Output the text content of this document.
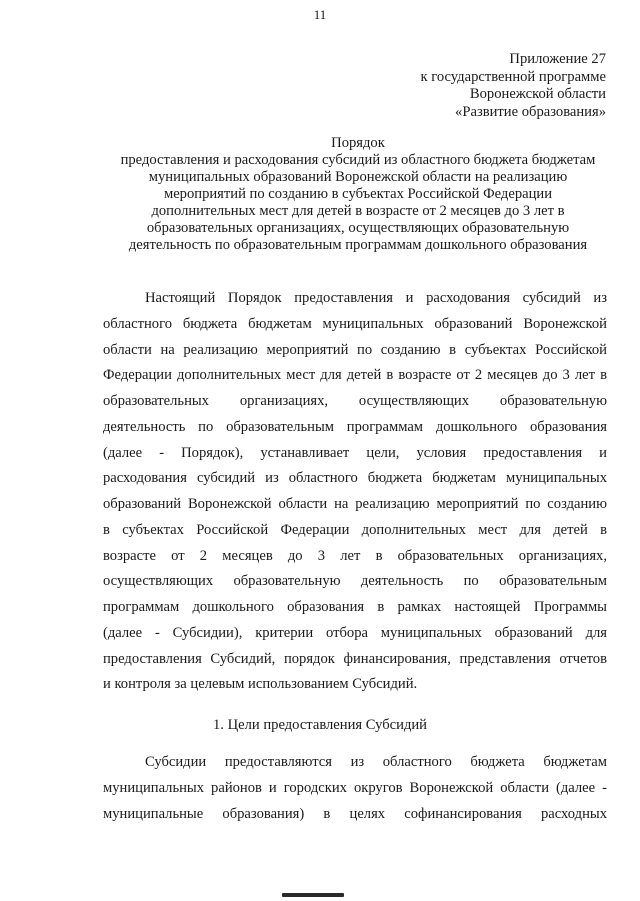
11
Приложение 27
к государственной программе
Воронежской области
«Развитие образования»
Порядок
предоставления и расходования субсидий из областного бюджета бюджетам
муниципальных образований Воронежской области на реализацию
мероприятий по созданию в субъектах Российской Федерации
дополнительных мест для детей в возрасте от 2 месяцев до 3 лет в
образовательных организациях, осуществляющих образовательную
деятельность по образовательным программам дошкольного образования
Настоящий Порядок предоставления и расходования субсидий из
областного бюджета бюджетам муниципальных образований Воронежской
области на реализацию мероприятий по созданию в субъектах Российской
Федерации дополнительных мест для детей в возрасте от 2 месяцев до 3 лет в
образовательных организациях, осуществляющих образовательную
деятельность по образовательным программам дошкольного образования
(далее - Порядок), устанавливает цели, условия предоставления и
расходования субсидий из областного бюджета бюджетам муниципальных
образований Воронежской области на реализацию мероприятий по созданию
в субъектах Российской Федерации дополнительных мест для детей в
возрасте от 2 месяцев до 3 лет в образовательных организациях,
осуществляющих образовательную деятельность по образовательным
программам дошкольного образования в рамках настоящей Программы
(далее - Субсидии), критерии отбора муниципальных образований для
предоставления Субсидий, порядок финансирования, представления отчетов
и контроля за целевым использованием Субсидий.
1. Цели предоставления Субсидий
Субсидии предоставляются из областного бюджета бюджетам
муниципальных районов и городских округов Воронежской области (далее -
муниципальные образования) в целях софинансирования расходных
